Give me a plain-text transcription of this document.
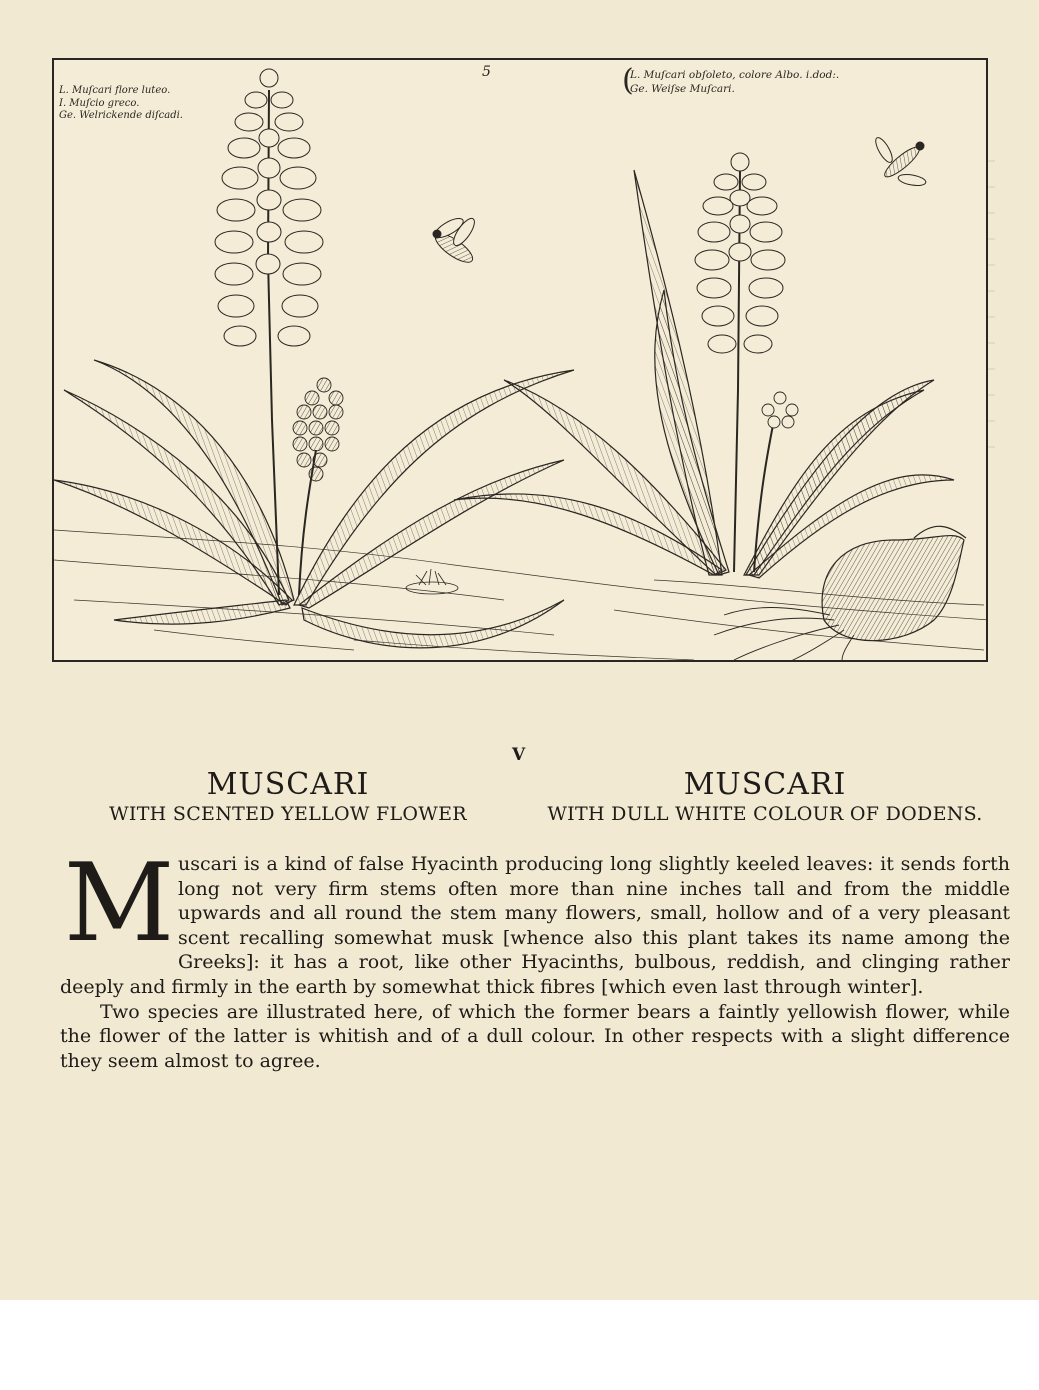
5
L. Muſcari flore luteo.
I. Muſcio greco.
Ge. Welrickende diſcadi.
(
L. Muſcari obſoleto, colore Albo. i.dod:.
Ge. Weiſse Muſcari.
V
MUSCARI
WITH SCENTED YELLOW FLOWER
MUSCARI
WITH DULL WHITE COLOUR OF DODENS.
M uscari is a kind of false Hyacinth producing long slightly keeled leaves: it sends forth long not very firm stems often more than nine inches tall and from the middle upwards and all round the stem many flowers, small, hollow and of a very pleasant scent recalling somewhat musk [whence also this plant takes its name among the Greeks]: it has a root, like other Hyacinths, bulbous, reddish, and clinging rather deeply and firmly in the earth by somewhat thick fibres [which even last through winter].

Two species are illustrated here, of which the former bears a faintly yellowish flower, while the flower of the latter is whitish and of a dull colour. In other respects with a slight difference they seem almost to agree.
